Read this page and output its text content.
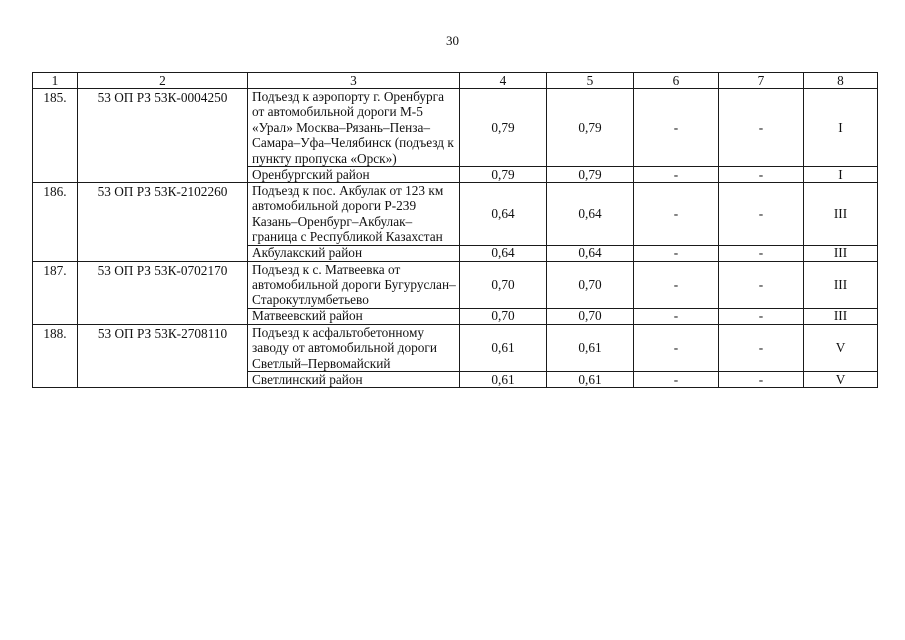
30
1	2	3	4	5	6	7	8
185.	53 ОП РЗ 53К-0004250	Подъезд к аэропорту г. Оренбурга от автомобильной дороги М-5 «Урал» Москва–Рязань–Пенза–Самара–Уфа–Челябинск (подъезд к пункту пропуска «Орск»)	0,79	0,79	-	-	I
		Оренбургский район	0,79	0,79	-	-	I
186.	53 ОП РЗ 53К-2102260	Подъезд к пос. Акбулак от 123 км автомобильной дороги Р-239 Казань–Оренбург–Акбулак–граница с Республикой Казахстан	0,64	0,64	-	-	III
		Акбулакский район	0,64	0,64	-	-	III
187.	53 ОП РЗ 53К-0702170	Подъезд к с. Матвеевка от автомобильной дороги Бугуруслан–Старокутлумбетьево	0,70	0,70	-	-	III
		Матвеевский район	0,70	0,70	-	-	III
188.	53 ОП РЗ 53К-2708110	Подъезд к асфальтобетонному заводу от автомобильной дороги Светлый–Первомайский	0,61	0,61	-	-	V
		Светлинский район	0,61	0,61	-	-	V
